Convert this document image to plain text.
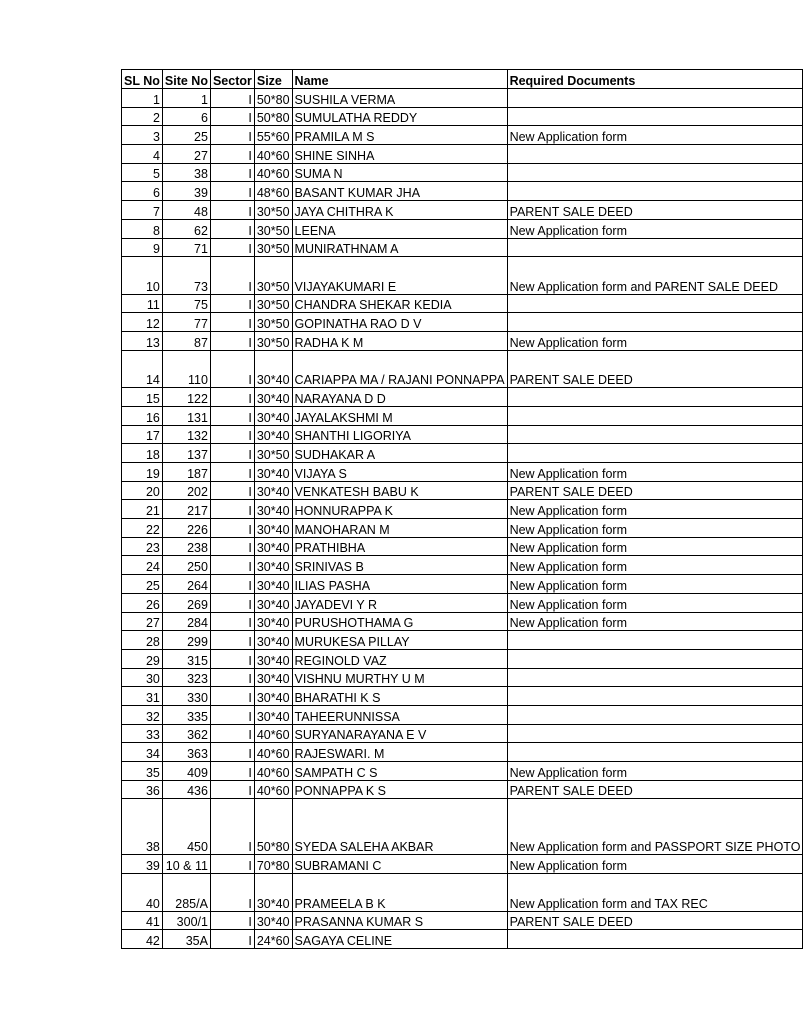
SL No	Site No	Sector	Size	Name	Required Documents
1	1	I	50*80	SUSHILA VERMA	
2	6	I	50*80	SUMULATHA REDDY	
3	25	I	55*60	PRAMILA M S	New Application form
4	27	I	40*60	SHINE SINHA	
5	38	I	40*60	SUMA N	
6	39	I	48*60	BASANT KUMAR JHA	
7	48	I	30*50	JAYA CHITHRA K	PARENT SALE DEED
8	62	I	30*50	LEENA	New Application form
9	71	I	30*50	MUNIRATHNAM A	
10	73	I	30*50	VIJAYAKUMARI E	New Application form and PARENT SALE DEED
11	75	I	30*50	CHANDRA SHEKAR KEDIA	
12	77	I	30*50	GOPINATHA RAO D V	
13	87	I	30*50	RADHA K M	New Application form
14	110	I	30*40	CARIAPPA MA / RAJANI PONNAPPA	PARENT SALE DEED
15	122	I	30*40	NARAYANA D D	
16	131	I	30*40	JAYALAKSHMI M	
17	132	I	30*40	SHANTHI LIGORIYA	
18	137	I	30*50	SUDHAKAR A	
19	187	I	30*40	VIJAYA S	New Application form
20	202	I	30*40	VENKATESH BABU K	PARENT SALE DEED
21	217	I	30*40	HONNURAPPA K	New Application form
22	226	I	30*40	MANOHARAN M	New Application form
23	238	I	30*40	PRATHIBHA	New Application form
24	250	I	30*40	SRINIVAS B	New Application form
25	264	I	30*40	ILIAS PASHA	New Application form
26	269	I	30*40	JAYADEVI Y R	New Application form
27	284	I	30*40	PURUSHOTHAMA G	New Application form
28	299	I	30*40	MURUKESA PILLAY	
29	315	I	30*40	REGINOLD VAZ	
30	323	I	30*40	VISHNU MURTHY U M	
31	330	I	30*40	BHARATHI K S	
32	335	I	30*40	TAHEERUNNISSA	
33	362	I	40*60	SURYANARAYANA E V	
34	363	I	40*60	RAJESWARI. M	
35	409	I	40*60	SAMPATH C S	New Application form
36	436	I	40*60	PONNAPPA K S	PARENT SALE DEED
38	450	I	50*80	SYEDA SALEHA AKBAR	New Application form and PASSPORT SIZE PHOTO
39	10 & 11	I	70*80	SUBRAMANI C	New Application form
40	285/A	I	30*40	PRAMEELA B K	New Application form and TAX REC
41	300/1	I	30*40	PRASANNA KUMAR S	PARENT SALE DEED
42	35A	I	24*60	SAGAYA CELINE	
